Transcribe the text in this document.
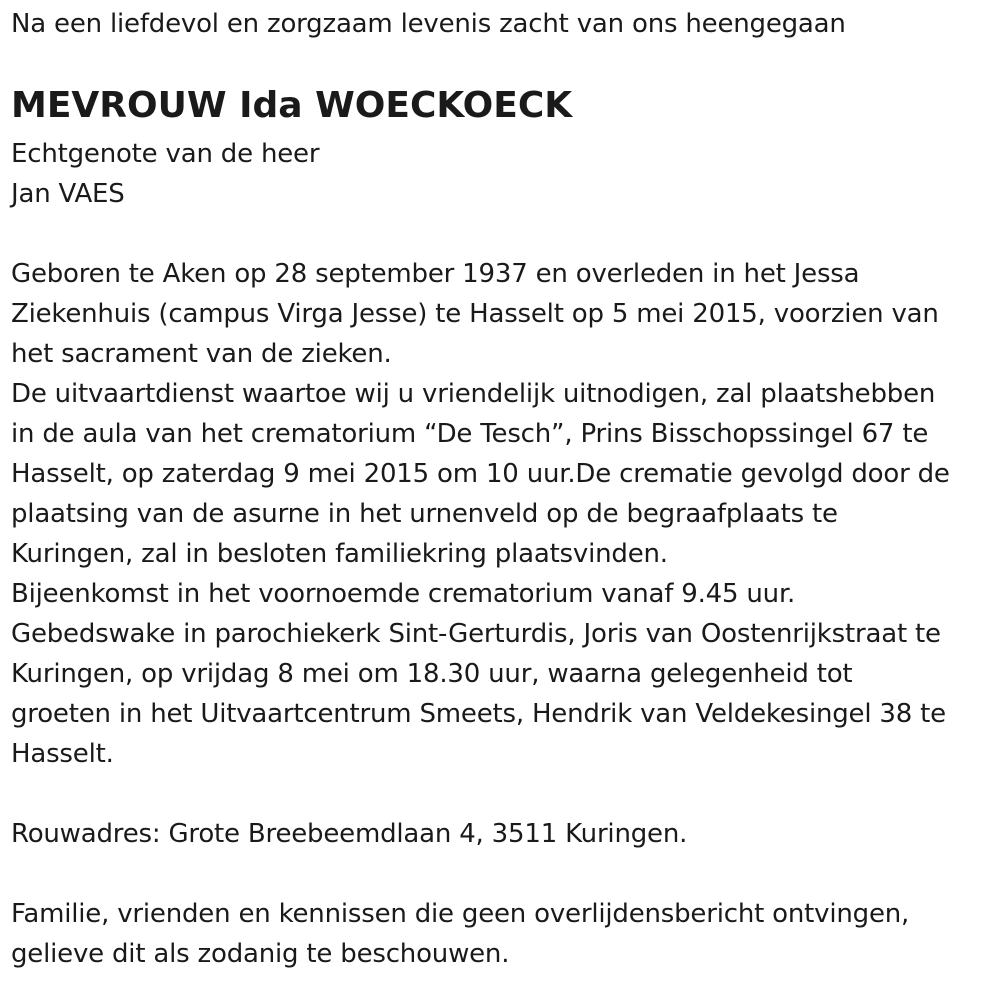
Na een liefdevol en zorgzaam levenis zacht van ons heengegaan
MEVROUW Ida WOECKOECK
Echtgenote van de heer
Jan VAES
Geboren te Aken op 28 september 1937 en overleden in het Jessa
Ziekenhuis (campus Virga Jesse) te Hasselt op 5 mei 2015, voorzien van
het sacrament van de zieken.
De uitvaartdienst waartoe wij u vriendelijk uitnodigen, zal plaatshebben
in de aula van het crematorium “De Tesch”, Prins Bisschopssingel 67 te
Hasselt, op zaterdag 9 mei 2015 om 10 uur.De crematie gevolgd door de
plaatsing van de asurne in het urnenveld op de begraafplaats te
Kuringen, zal in besloten familiekring plaatsvinden.
Bijeenkomst in het voornoemde crematorium vanaf 9.45 uur.
Gebedswake in parochiekerk Sint-Gerturdis, Joris van Oostenrijkstraat te
Kuringen, op vrijdag 8 mei om 18.30 uur, waarna gelegenheid tot
groeten in het Uitvaartcentrum Smeets, Hendrik van Veldekesingel 38 te
Hasselt.
Rouwadres: Grote Breebeemdlaan 4, 3511 Kuringen.
Familie, vrienden en kennissen die geen overlijdensbericht ontvingen,
gelieve dit als zodanig te beschouwen.
